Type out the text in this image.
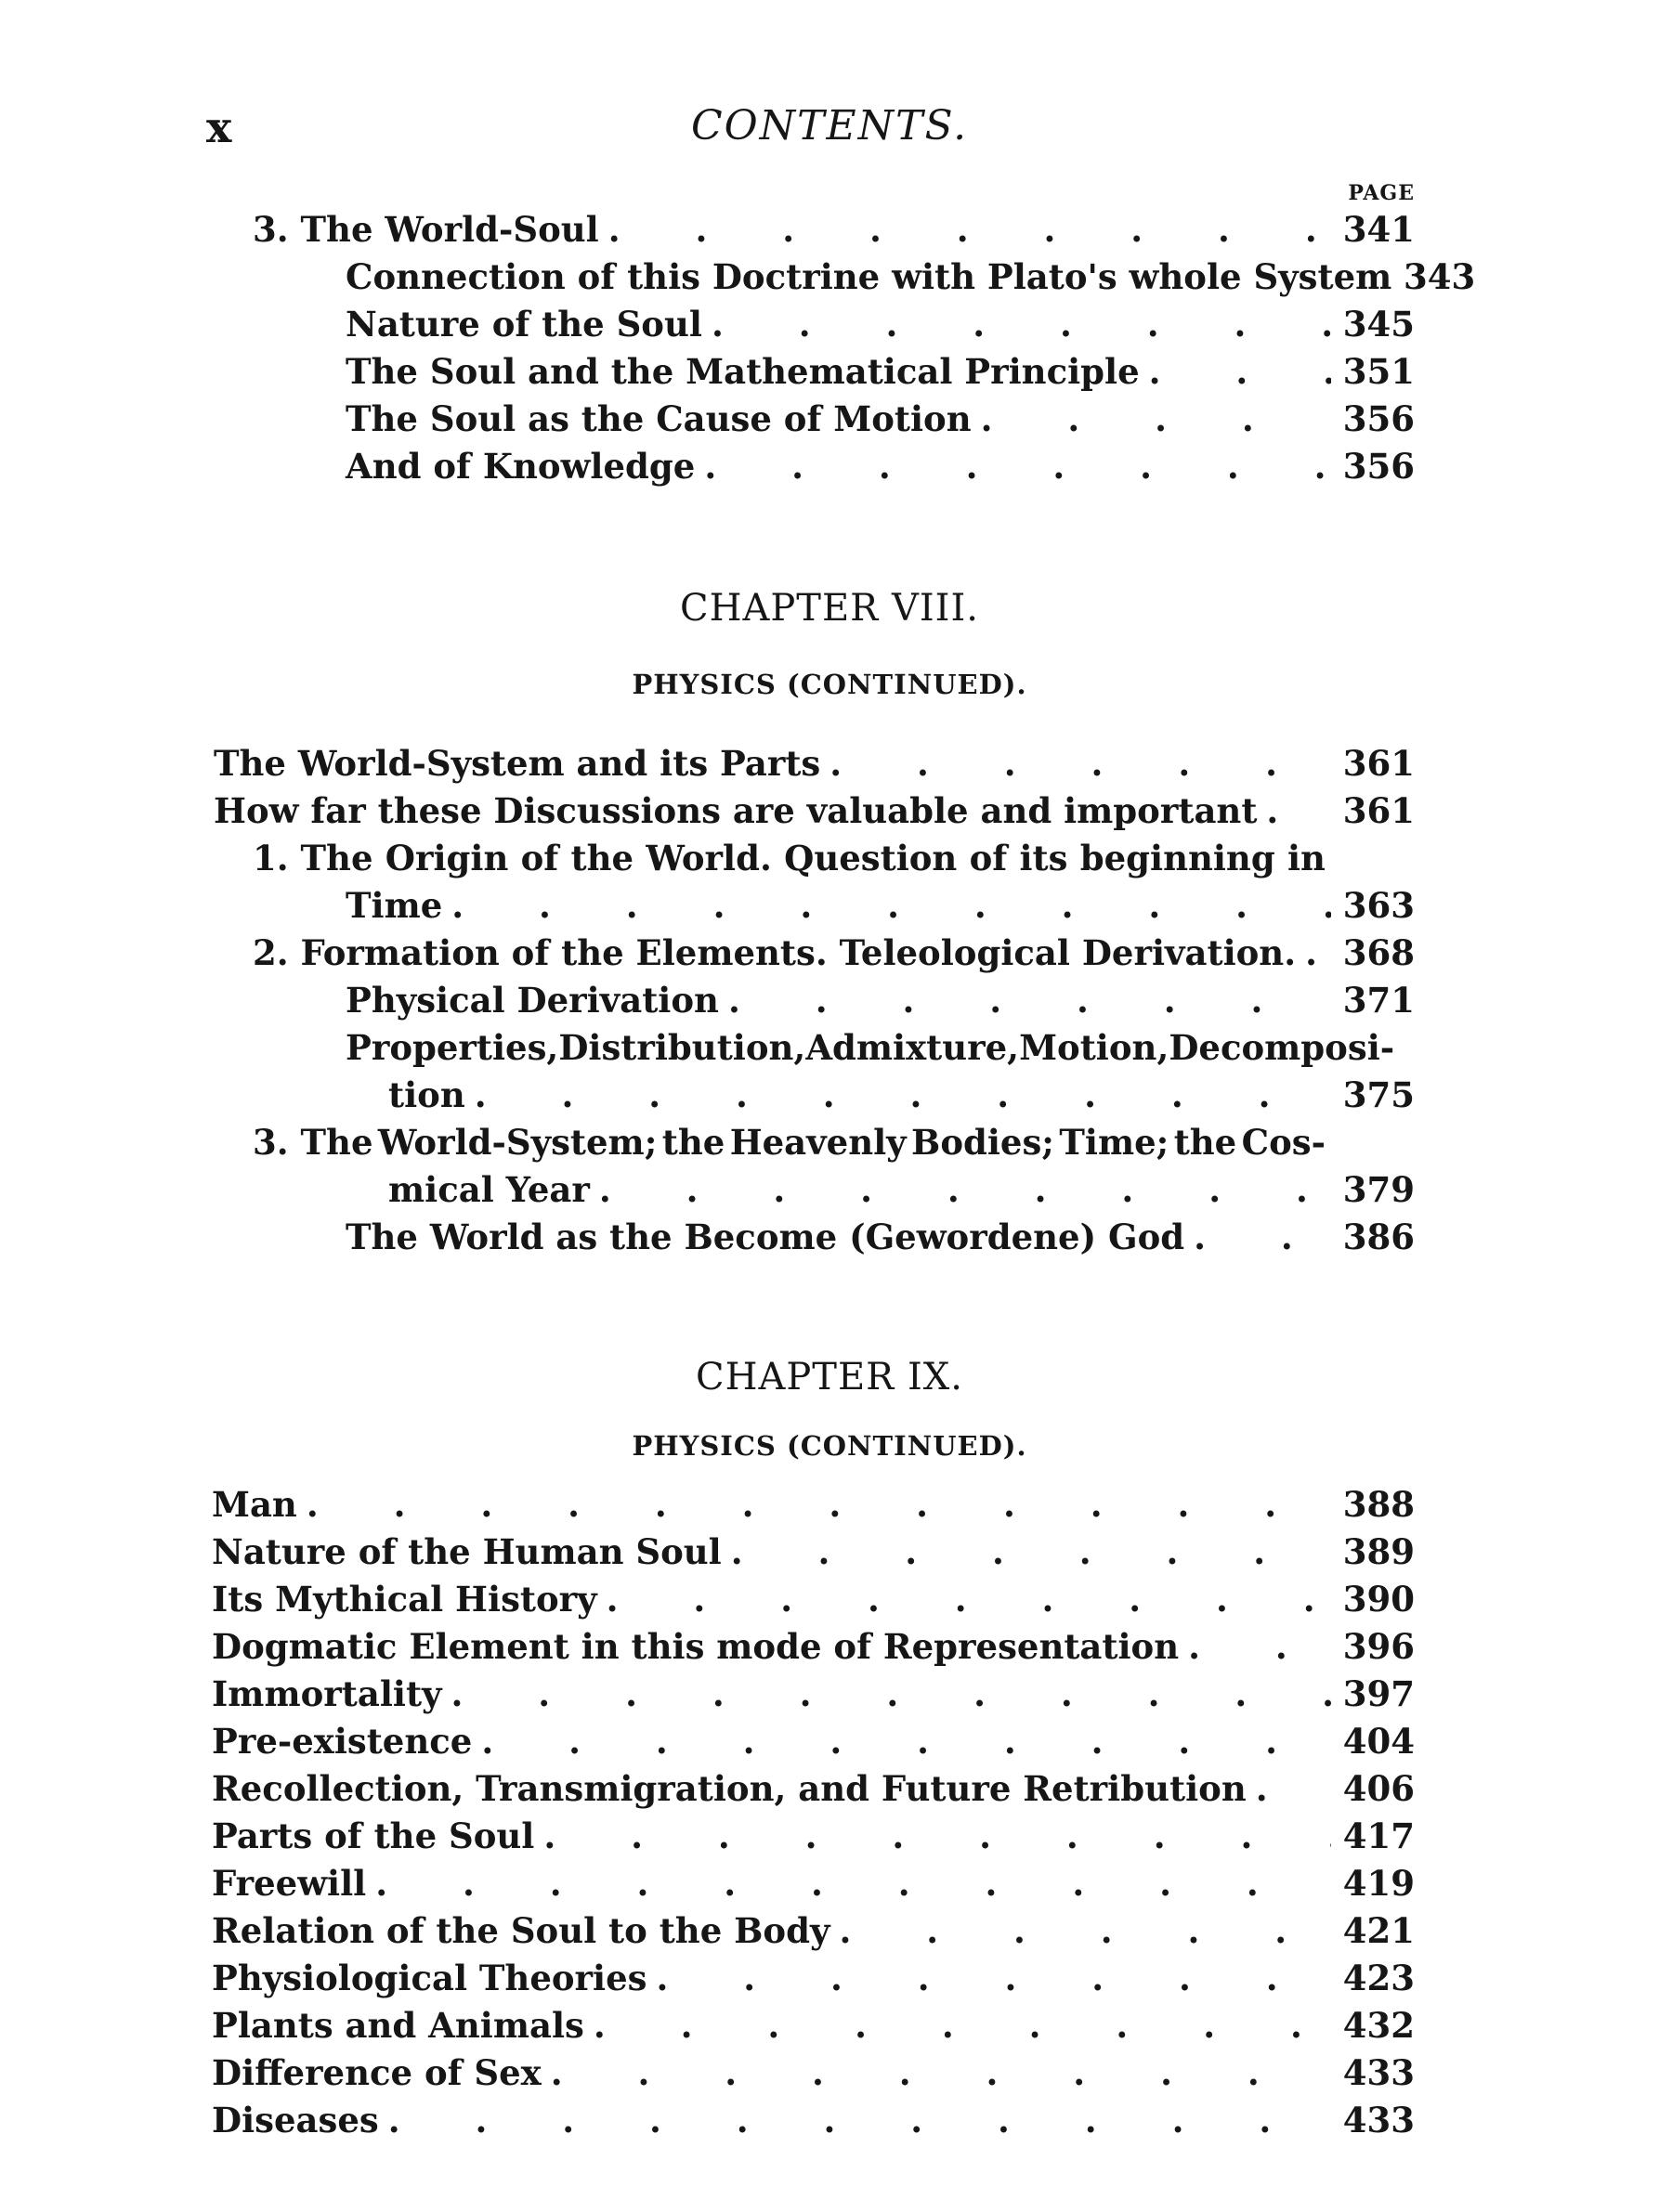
x	CONTENTS.
PAGE
3. The World-Soul . . .	341
Connection of this Doctrine with Plato's whole System 343
Nature of the Soul . . .	345
The Soul and the Mathematical Principle . . .	351
The Soul as the Cause of Motion . . .	356
And of Knowledge . . .	356
CHAPTER VIII.
PHYSICS (CONTINUED).
The World-System and its Parts . . .	361
How far these Discussions are valuable and important . . .	361
1. The Origin of the World. Question of its beginning in
Time . . .	363
2. Formation of the Elements. Teleological Derivation. . . .	368
Physical Derivation . . .	371
Properties, Distribution, Admixture, Motion, Decomposi-
tion . . .	375
3. The World-System; the Heavenly Bodies; Time; the Cos-
mical Year . . .	379
The World as the Become (Gewordene) God . . .	386
CHAPTER IX.
PHYSICS (CONTINUED).
Man . . .	388
Nature of the Human Soul . . .	389
Its Mythical History . . .	390
Dogmatic Element in this mode of Representation . . .	396
Immortality . . .	397
Pre-existence . . .	404
Recollection, Transmigration, and Future Retribution . . .	406
Parts of the Soul . . .	417
Freewill . . .	419
Relation of the Soul to the Body . . .	421
Physiological Theories . . .	423
Plants and Animals . . .	432
Difference of Sex . . .	433
Diseases . . .	433
